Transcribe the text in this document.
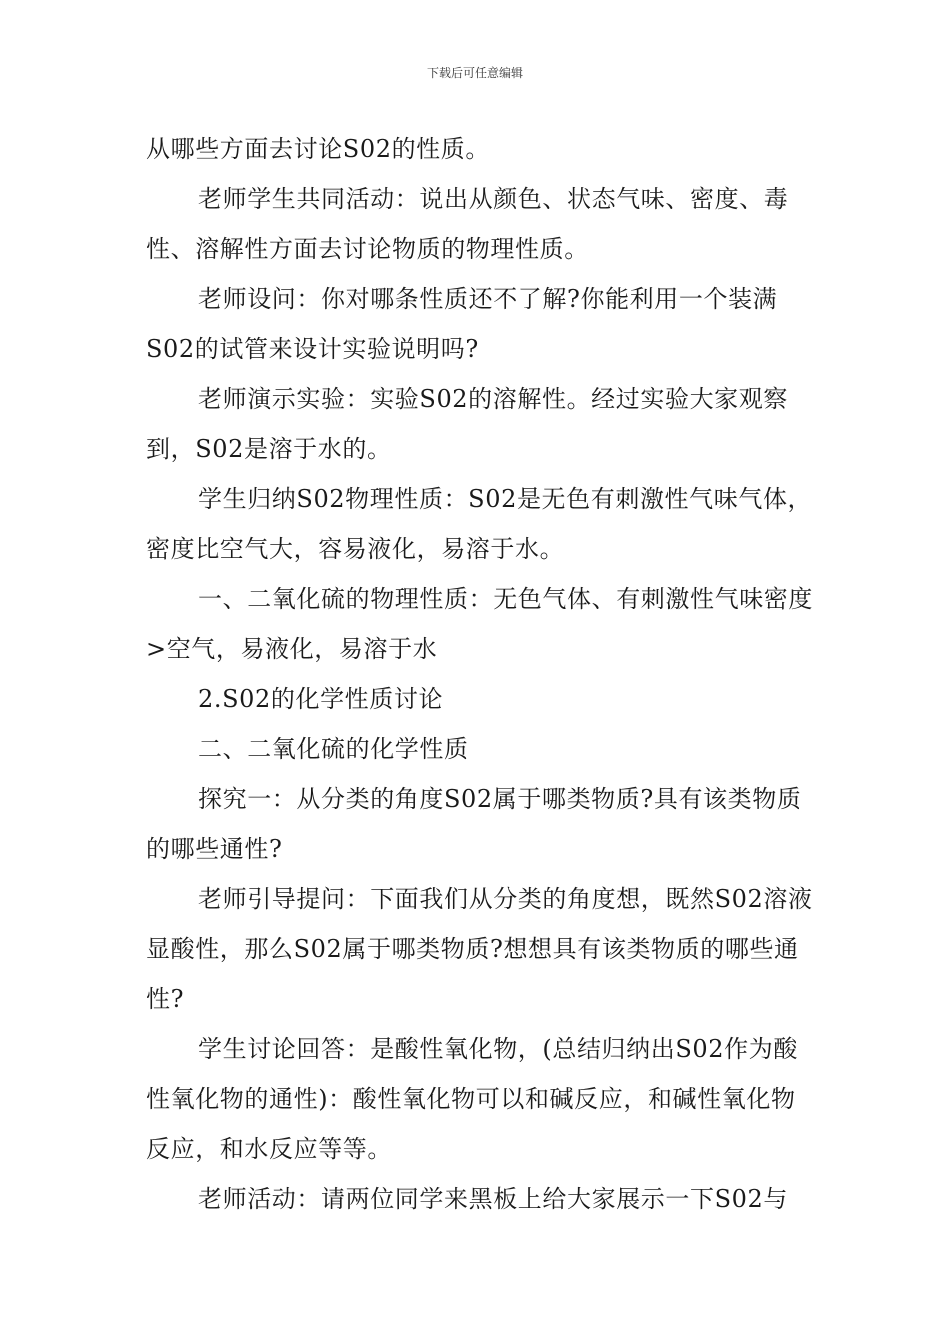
下载后可任意编辑

从哪些方面去讨论S02的性质。

老师学生共同活动：说出从颜色、状态气味、密度、毒性、溶解性方面去讨论物质的物理性质。

老师设问：你对哪条性质还不了解?你能利用一个装满S02的试管来设计实验说明吗?

老师演示实验：实验S02的溶解性。经过实验大家观察到，S02是溶于水的。

学生归纳S02物理性质：S02是无色有刺激性气味气体，密度比空气大，容易液化，易溶于水。

一、二氧化硫的物理性质：无色气体、有刺激性气味密度>空气，易液化，易溶于水

2.S02的化学性质讨论

二、二氧化硫的化学性质

探究一：从分类的角度S02属于哪类物质?具有该类物质的哪些通性?

老师引导提问：下面我们从分类的角度想，既然S02溶液显酸性，那么S02属于哪类物质?想想具有该类物质的哪些通性?

学生讨论回答：是酸性氧化物，(总结归纳出S02作为酸性氧化物的通性)：酸性氧化物可以和碱反应，和碱性氧化物反应，和水反应等等。

老师活动：请两位同学来黑板上给大家展示一下S02与
